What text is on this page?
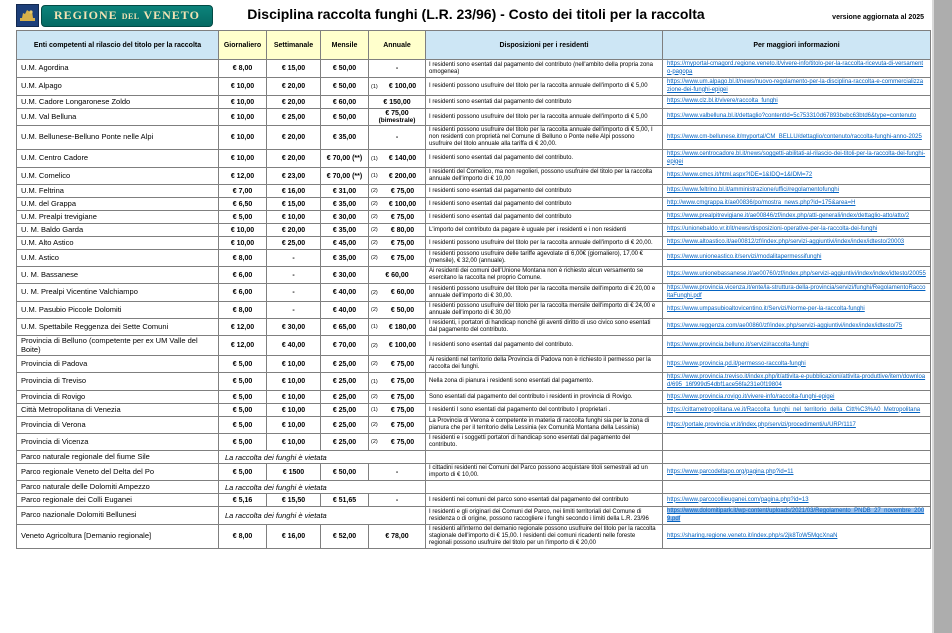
REGIONE DEL VENETO	Disciplina raccolta funghi (L.R. 23/96) - Costo dei titoli per la raccolta	versione aggiornata al 2025
Enti competenti al rilascio del titolo per la raccolta	Giornaliero	Settimanale	Mensile	Annuale	Disposizioni per i residenti	Per maggiori informazioni
U.M. Agordina	€ 8,00	€ 15,00	€ 50,00	-	I residenti sono esentati dal pagamento del contributo (nell'ambito della propria zona omogenea)	https://myportal-cmagord.regione.veneto.it/vivere-info/titolo-per-la-raccolta-ricevuta-di-versamento-pagopa
U.M. Alpago	€ 10,00	€ 20,00	€ 50,00	(1) € 100,00	I residenti possono usufruire del titolo per la raccolta annuale dell'importo di € 5,00	https://www.um.alpago.bl.it/news/nuovo-regolamento-per-la-disciplina-raccolta-e-commercializzazione-dei-funghi-epigei
U.M. Cadore Longaronese Zoldo	€ 10,00	€ 20,00	€ 60,00	€ 150,00	I residenti sono esentati dal pagamento del contributo	https://www.clz.bl.it/vivere/raccolta_funghi
U.M. Val Belluna	€ 10,00	€ 25,00	€ 50,00	€ 75,00
(bimestrale)	I residenti possono usufruire del titolo per la raccolta annuale dell'importo di € 5,00	https://www.valbelluna.bl.it/dettaglio?contentId=5c753310d67893bebc63btd6&type=contenuto
U.M. Bellunese-Belluno Ponte nelle Alpi	€ 10,00	€ 20,00	€ 35,00	-	I residenti possono usufruire del titolo per la raccolta annuale dell'importo di € 5,00, I non residenti con proprietà nel Comune di Belluno o Ponte nelle Alpi possono usufruire del titolo annuale alla tariffa di € 20,00.	https://www.cm-bellunese.it/myportal/CM_BELLU/dettaglio/contenuto/raccolta-funghi-anno-2025
U.M. Centro Cadore	€ 10,00	€ 20,00	€ 70,00 (**)	(1) € 140,00	I residenti sono esentati dal pagamento del contributo.	https://www.centrocadore.bl.it/news/soggetti-abilitati-al-rilascio-dei-titoli-per-la-raccolta-dei-funghi-epigei
U.M. Comelico	€ 12,00	€ 23,00	€ 70,00 (**)	(1) € 200,00	I residenti del Comelico, ma non regolieri, possono usufruire del titolo per la raccolta annuale dell'importo di € 10,00	https://www.cmcs.it/html.aspx?IDE=1&IDQ=1&IDM=72
U.M. Feltrina	€ 7,00	€ 16,00	€ 31,00	(2) € 75,00	I residenti sono esentati dal pagamento del contributo	https://www.feltrino.bl.it/amministrazione/uffici/regolamentofunghi
U.M. del Grappa	€ 6,50	€ 15,00	€ 35,00	(2) € 100,00	I residenti sono esentati dal pagamento del contributo	http://www.cmgrappa.it/ae00836/po/mostra_news.php?id=175&area=H
U.M. Prealpi trevigiane	€ 5,00	€ 10,00	€ 30,00	(2) € 75,00	I residenti sono esentati dal pagamento del contributo	https://www.prealpitrevigiane.it/ae00846/zf/index.php/atti-generali/index/dettaglio-atto/atto/2
U. M. Baldo Garda	€ 10,00	€ 20,00	€ 35,00	(2) € 80,00	L'importo del contributo da pagare è uguale per i residenti e i non residenti	https://unionebaldo.vr.it/it/news/disposizioni-operative-per-la-raccolta-dei-funghi
U.M. Alto Astico	€ 10,00	€ 25,00	€ 45,00	(2) € 75,00	I residenti possono usufruire del titolo per la raccolta annuale dell'importo di € 20,00.	https://www.altoastico.it/ae00812/zf/index.php/servizi-aggiuntivi/index/index/idtesto/20003
U.M. Astico	€ 8,00	-	€ 35,00	(2) € 75,00	I residenti possono usufruire delle tariffe agevolate di 6,00€ (giornaliero), 17,00 € (mensile), € 32,00 (annuale).	https://www.unioneastico.it/servizi/modalitapermessifunghi
U. M. Bassanese	€ 6,00	-	€ 30,00	€ 60,00	Ai residenti dei comuni dell'Unione Montana non è richiesto alcun versamento se esercitano la raccolta nel proprio Comune.	https://www.unionebassanese.it/ae00760/zf/index.php/servizi-aggiuntivi/index/index/idtesto/20055
U. M. Prealpi Vicentine Valchiampo	€ 6,00	-	€ 40,00	(2) € 60,00	I residenti possono usufruire del titolo per la raccolta mensile dell'importo di € 20,00 e annuale dell'importo di € 30,00.	https://www.provincia.vicenza.it/ente/la-struttura-della-provincia/servizi/funghi/RegolamentoRaccoltaFunghi.pdf
U.M. Pasubio Piccole Dolomiti	€ 8,00	-	€ 40,00	(2) € 50,00	I residenti possono usufruire del titolo per la raccolta mensile dell'importo di € 24,00 e annuale dell'importo di € 30,00	https://www.umpasubioaltovicentino.it/Servizi/Norme-per-la-raccolta-funghi
U.M. Spettabile Reggenza dei Sette Comuni	€ 12,00	€ 30,00	€ 65,00	(1) € 180,00	I residenti, i portatori di handicap nonché gli aventi diritto di uso civico sono esentati dal pagamento del contributo.	https://www.reggenza.com/ae00860/zf/index.php/servizi-aggiuntivi/index/index/idtesto/75
Provincia di Belluno (competente per ex UM Valle del Boite)	€ 12,00	€ 40,00	€ 70,00	(2) € 100,00	I residenti sono esentati dal pagamento del contributo.	https://www.provincia.belluno.it/servizi/raccolta-funghi
Provincia di Padova	€ 5,00	€ 10,00	€ 25,00	(2) € 75,00	Ai residenti nel territorio della Provincia di Padova non è richiesto il permesso per la raccolta dei funghi.	https://www.provincia.pd.it/permesso-raccolta-funghi
Provincia di Treviso	€ 5,00	€ 10,00	€ 25,00	(1) € 75,00	Nella zona di pianura i residenti sono esentati dal pagamento.	https://www.provincia.treviso.it/index.php/it/attivita-e-pubblicazioni/attivita-produttive/item/download/695_16f999d54dbf1ace56fa231e0f19804
Provincia di Rovigo	€ 5,00	€ 10,00	€ 25,00	(2) € 75,00	Sono esentati dal pagamento del contributo i residenti in provincia di Rovigo.	https://www.provincia.rovigo.it/vivere-info/raccolta-funghi-epigei
Città Metropolitana di Venezia	€ 5,00	€ 10,00	€ 25,00	(1) € 75,00	I residenti I sono esentati dal pagamento del contributo I proprietari .	https://cittametropolitana.ve.it/Raccolta_funghi_nel_territorio_della_Citt%C3%A0_Metropolitana
Provincia di Verona	€ 5,00	€ 10,00	€ 25,00	(2) € 75,00	La Provincia di Verona è competente in materia di raccolta funghi sia per la zona di pianura che per il territorio della Lessinia (ex Comunità Montana della Lessinia)	https://portale.provincia.vr.it/index.php/servizi/procedimenti/u/URP/1117
Provincia di Vicenza	€ 5,00	€ 10,00	€ 25,00	(2) € 75,00	I residenti e i soggetti portatori di handicap sono esentati dal pagamento del contributo.	
Parco naturale regionale del fiume Sile	La raccolta dei funghi è vietata					
Parco regionale Veneto del Delta del Po	€ 5,00	€ 1500	€ 50,00	-	I cittadini residenti nei Comuni del Parco possono acquistare titoli semestrali ad un importo di € 10,00.	https://www.parcodeltapo.org/pagina.php?id=11
Parco naturale delle Dolomiti Ampezzo	La raccolta dei funghi è vietata					
Parco regionale dei Colli Euganei	€ 5,16	€ 15,50	€ 51,65	-	I residenti nei comuni del parco sono esentati dal pagamento del contributo	https://www.parcocollieuganei.com/pagina.php?id=13
Parco nazionale Dolomiti Bellunesi	La raccolta dei funghi è vietata				I residenti e gli originari dei Comuni del Parco, nei limiti territoriali del Comune di residenza o di origine, possono raccogliere i funghi secondo i limiti della L.R. 23/96	https://www.dolomitipark.it/wp-content/uploads/2021/03/Regolamento_PNDB_27_novembre_2009.pdf
Veneto Agricoltura [Demanio regionale]	€ 8,00	€ 16,00	€ 52,00	€ 78,00	I residenti all'interno del demanio regionale possono usufruire del titolo per la raccolta stagionale dell'importo di € 15,00. I residenti dei comuni ricadenti nelle foreste regionali possono usufruire del titolo per un l'importo di € 20,00	https://sharing.regione.veneto.it/index.php/s/2jk8ToW5MqcXnaN
